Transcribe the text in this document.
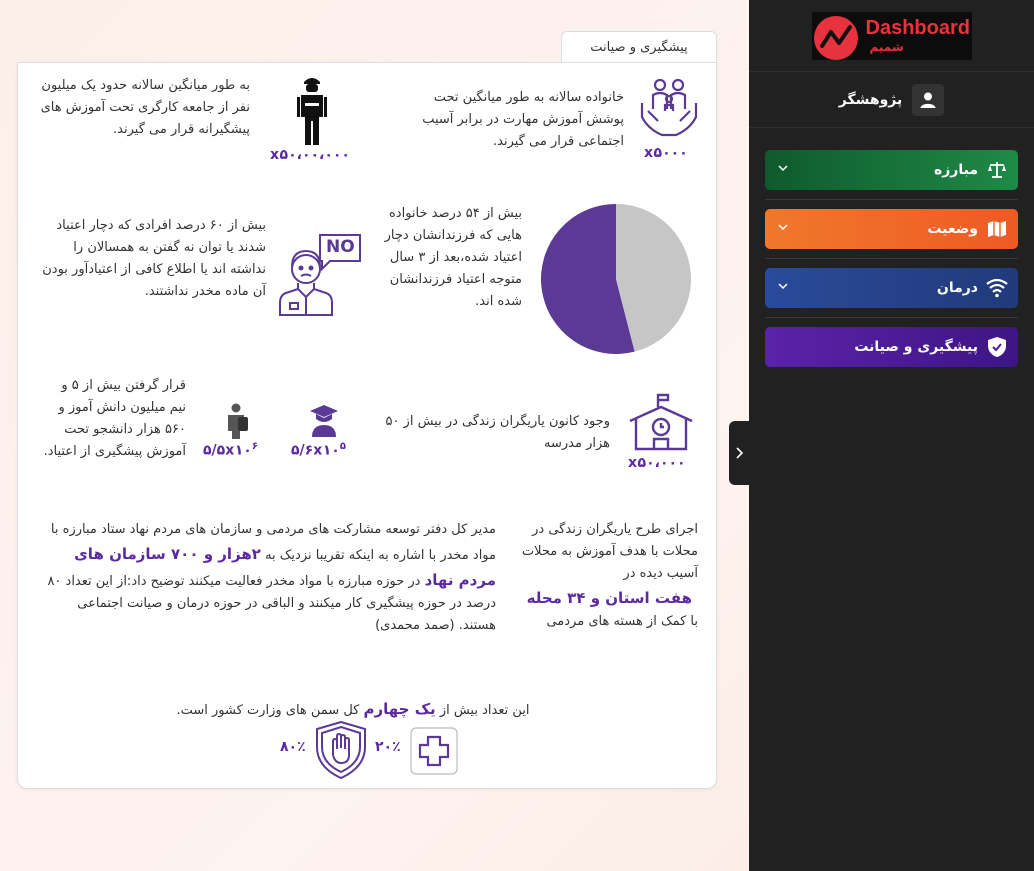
Dashboard
شمیم
پژوهشگر
مبارزه
وضعیت
درمان
پیشگیری و صیانت
پیشگیری و صیانت
x۵۰۰۰
خانواده سالانه به طور میانگین تحت پوشش آموزش مهارت در برابر آسیب اجتماعی قرار می گیرند.
x۵۰،۰۰،۰۰۰
به طور میانگین سالانه حدود یک میلیون نفر از جامعه کارگری تحت آموزش های پیشگیرانه قرار می گیرند.
بیش از ۵۴ درصد خانواده هایی که فرزندانشان دچار اعتیاد شده،بعد از ۳ سال متوجه اعتیاد فرزندانشان شده اند.
NO
بیش از ۶۰ درصد افرادی که دچار اعتیاد شدند یا توان نه گفتن به همسالان را نداشته اند یا اطلاع کافی از اعتیادآور بودن آن ماده مخدر نداشتند.
x۵۰،۰۰۰
وجود کانون یاریگران زندگی در بیش از ۵۰ هزار مدرسه
$۵/۶x۱۰^۵$
$۵/۵x۱۰^۶$
قرار گرفتن بیش از ۵ و نیم میلیون دانش آموز و ۵۶۰ هزار دانشجو تحت آموزش پیشگیری از اعتیاد.
اجرای طرح یاریگران زندگی در محلات با هدف آموزش به محلات آسیب دیده در
هفت استان و ۳۴ محله
با کمک از هسته های مردمی
مدیر کل دفتر توسعه مشارکت های مردمی و سازمان های مردم نهاد ستاد مبارزه با مواد مخدر با اشاره به اینکه تقریبا نزدیک به ۲هزار و ۷۰۰ سازمان های مردم نهاد در حوزه مبارزه با مواد مخدر فعالیت میکنند توضیح داد:از این تعداد ۸۰ درصد در حوزه پیشگیری کار میکنند و الباقی در حوزه درمان و صیانت اجتماعی هستند. (صمد محمدی)
این تعداد بیش از یک چهارم کل سمن های وزارت کشور است.
۲۰٪
۸۰٪
